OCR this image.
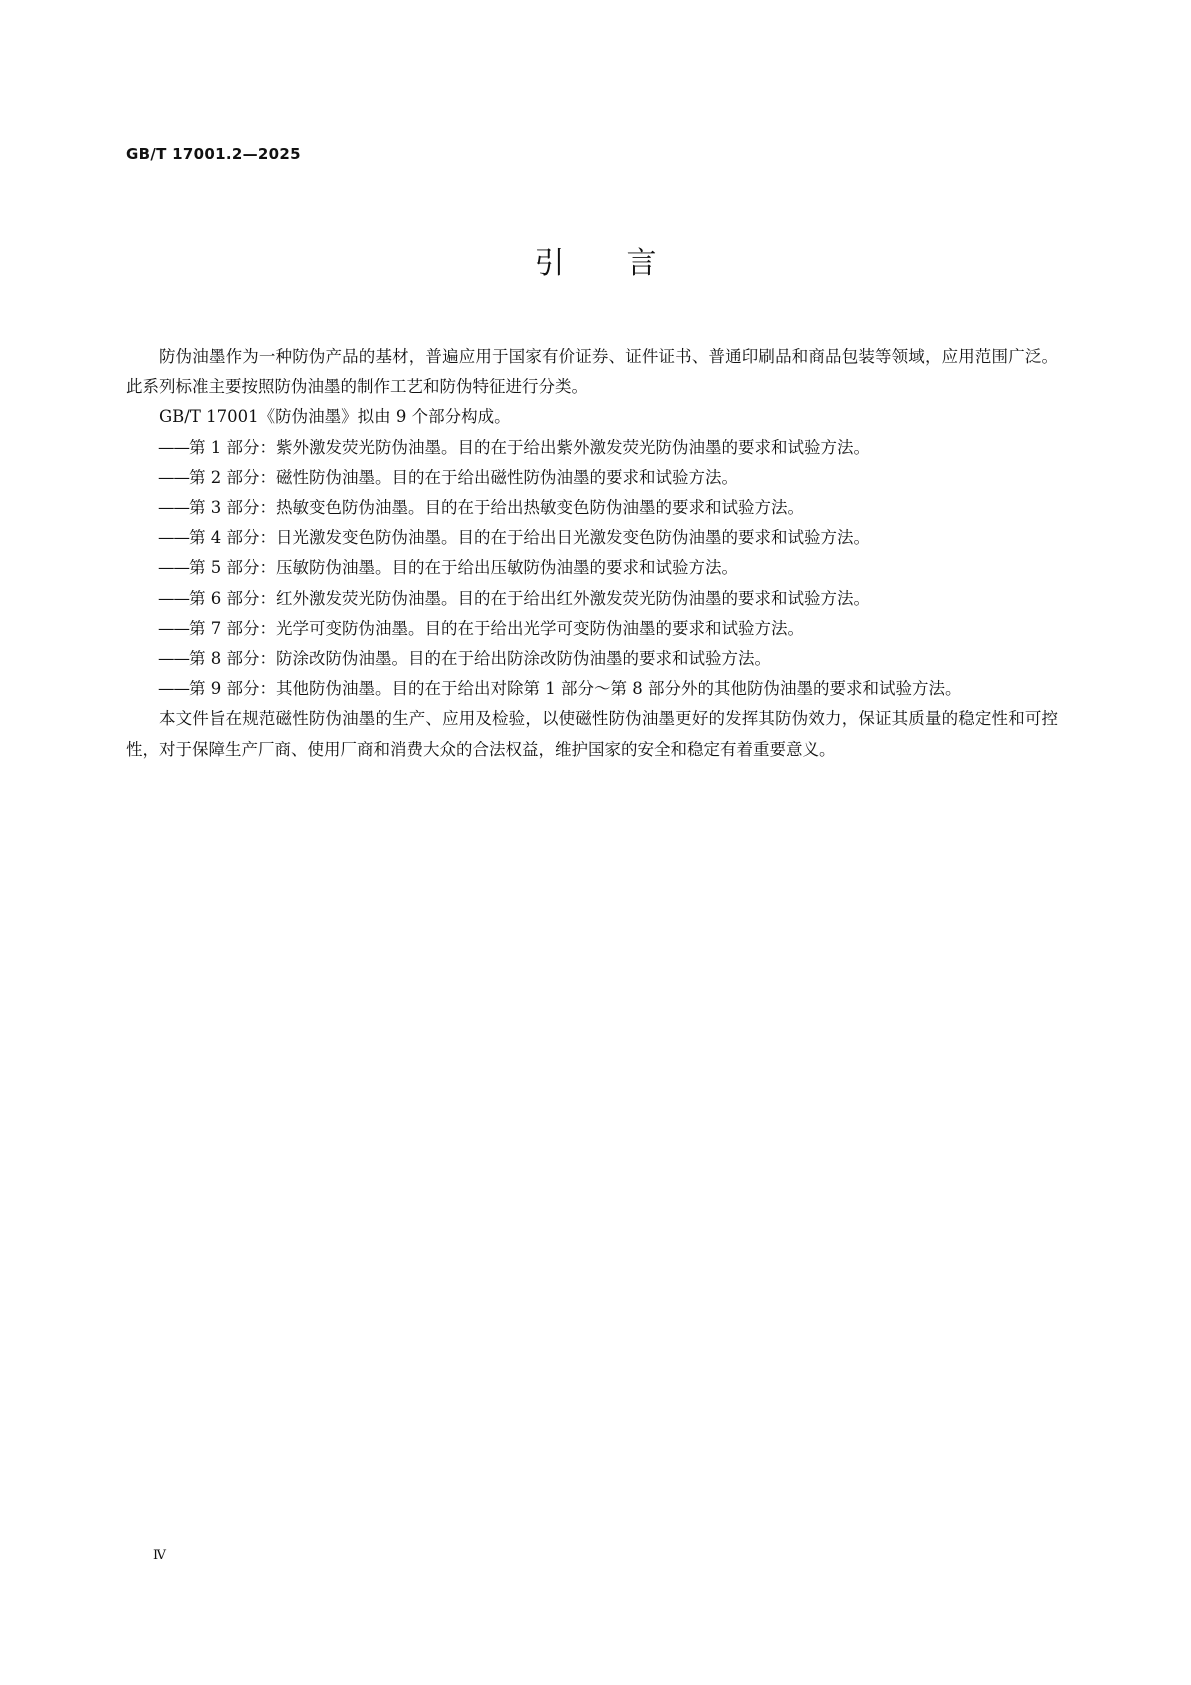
GB/T 17001.2—2025
引 言

防伪油墨作为一种防伪产品的基材，普遍应用于国家有价证券、证件证书、普通印刷品和商品包装等领域，应用范围广泛。此系列标准主要按照防伪油墨的制作工艺和防伪特征进行分类。

GB/T 17001《防伪油墨》拟由 9 个部分构成。

——第 1 部分：紫外激发荧光防伪油墨。目的在于给出紫外激发荧光防伪油墨的要求和试验方法。
——第 2 部分：磁性防伪油墨。目的在于给出磁性防伪油墨的要求和试验方法。
——第 3 部分：热敏变色防伪油墨。目的在于给出热敏变色防伪油墨的要求和试验方法。
——第 4 部分：日光激发变色防伪油墨。目的在于给出日光激发变色防伪油墨的要求和试验方法。
——第 5 部分：压敏防伪油墨。目的在于给出压敏防伪油墨的要求和试验方法。
——第 6 部分：红外激发荧光防伪油墨。目的在于给出红外激发荧光防伪油墨的要求和试验方法。
——第 7 部分：光学可变防伪油墨。目的在于给出光学可变防伪油墨的要求和试验方法。
——第 8 部分：防涂改防伪油墨。目的在于给出防涂改防伪油墨的要求和试验方法。
——第 9 部分：其他防伪油墨。目的在于给出对除第 1 部分～第 8 部分外的其他防伪油墨的要求和试验方法。

本文件旨在规范磁性防伪油墨的生产、应用及检验，以使磁性防伪油墨更好的发挥其防伪效力，保证其质量的稳定性和可控性，对于保障生产厂商、使用厂商和消费大众的合法权益，维护国家的安全和稳定有着重要意义。

Ⅳ
